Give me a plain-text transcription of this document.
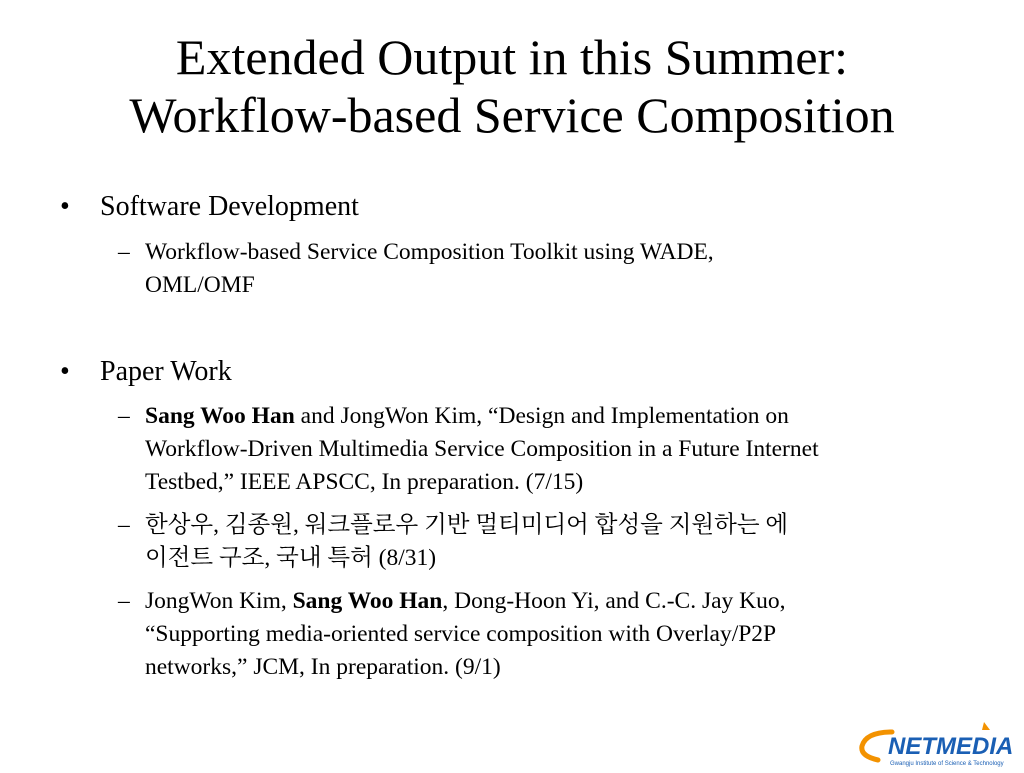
Extended Output in this Summer:
Workflow-based Service Composition
• Software Development
– Workflow-based Service Composition Toolkit using WADE,
OML/OMF
• Paper Work
– Sang Woo Han and JongWon Kim, “Design and Implementation on
Workflow-Driven Multimedia Service Composition in a Future Internet
Testbed,” IEEE APSCC, In preparation. (7/15)
– 한상우, 김종원, 워크플로우 기반 멀티미디어 합성을 지원하는 에
이전트 구조, 국내 특허 (8/31)
– JongWon Kim, Sang Woo Han, Dong-Hoon Yi, and C.-C. Jay Kuo,
“Supporting media-oriented service composition with Overlay/P2P
networks,” JCM, In preparation. (9/1)
NETMEDIA
Gwangju Institute of Science & Technology
